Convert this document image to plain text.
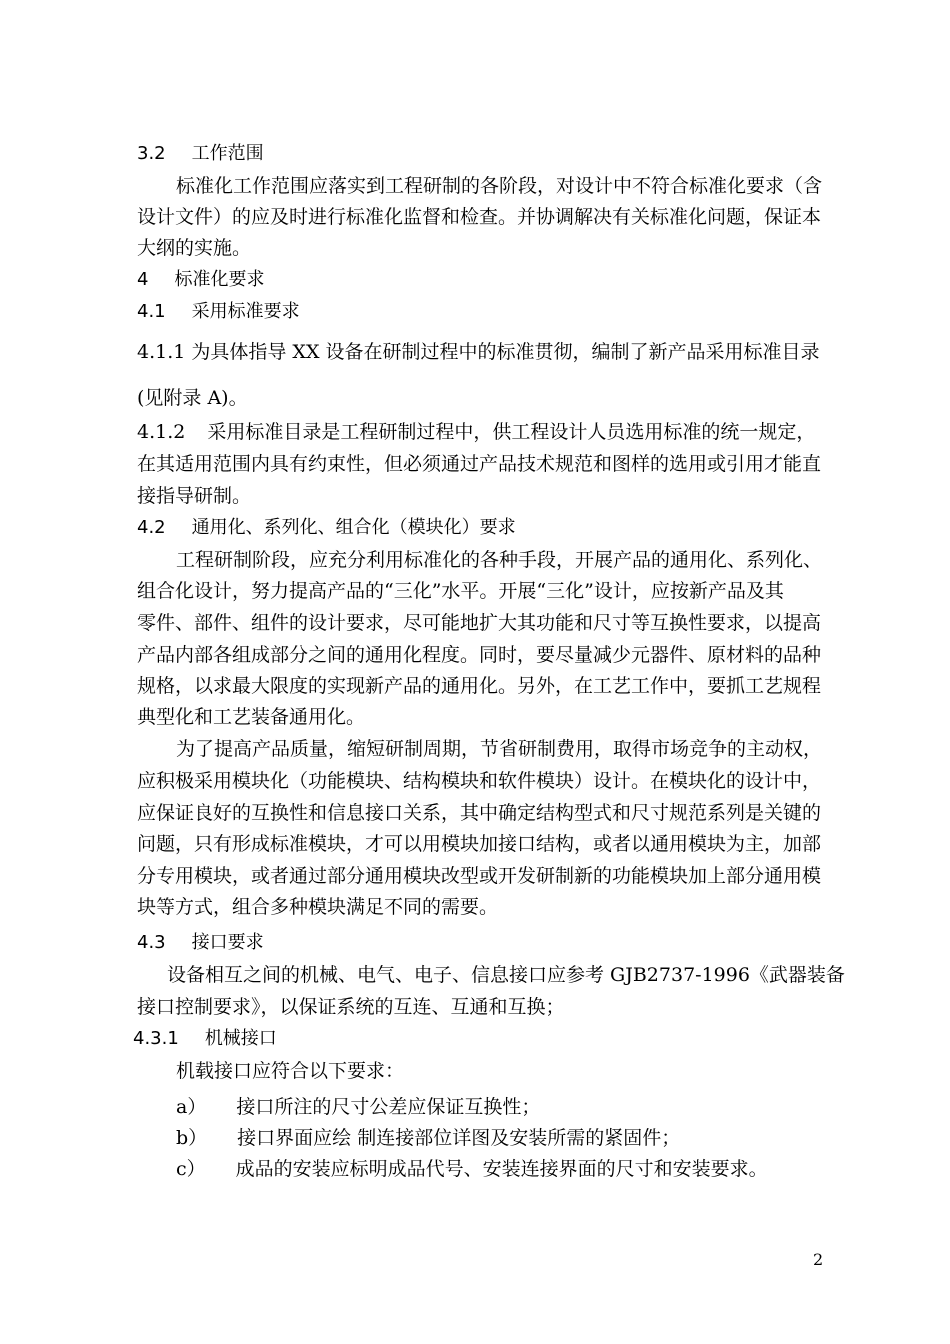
3.2 工作范围
标准化工作范围应落实到工程研制的各阶段，对设计中不符合标准化要求（含
设计文件）的应及时进行标准化监督和检查。并协调解决有关标准化问题，保证本
大纲的实施。
4 标准化要求
4.1 采用标准要求
4.1.1 为具体指导 XX 设备在研制过程中的标准贯彻，编制了新产品采用标准目录
(见附录 A)。
4.1.2 采用标准目录是工程研制过程中，供工程设计人员选用标准的统一规定，
在其适用范围内具有约束性，但必须通过产品技术规范和图样的选用或引用才能直
接指导研制。
4.2 通用化、系列化、组合化（模块化）要求
工程研制阶段，应充分利用标准化的各种手段，开展产品的通用化、系列化、
组合化设计，努力提高产品的“三化”水平。开展“三化”设计，应按新产品及其
零件、部件、组件的设计要求，尽可能地扩大其功能和尺寸等互换性要求，以提高
产品内部各组成部分之间的通用化程度。同时，要尽量减少元器件、原材料的品种
规格，以求最大限度的实现新产品的通用化。另外，在工艺工作中，要抓工艺规程
典型化和工艺装备通用化。
为了提高产品质量，缩短研制周期，节省研制费用，取得市场竞争的主动权，
应积极采用模块化（功能模块、结构模块和软件模块）设计。在模块化的设计中，
应保证良好的互换性和信息接口关系，其中确定结构型式和尺寸规范系列是关键的
问题，只有形成标准模块，才可以用模块加接口结构，或者以通用模块为主，加部
分专用模块，或者通过部分通用模块改型或开发研制新的功能模块加上部分通用模
块等方式，组合多种模块满足不同的需要。
4.3 接口要求
设备相互之间的机械、电气、电子、信息接口应参考 GJB2737-1996《武器装备
接口控制要求》，以保证系统的互连、互通和互换；
4.3.1 机械接口
机载接口应符合以下要求：
a） 接口所注的尺寸公差应保证互换性；
b） 接口界面应绘 制连接部位详图及安装所需的紧固件；
c） 成品的安装应标明成品代号、安装连接界面的尺寸和安装要求。
2
